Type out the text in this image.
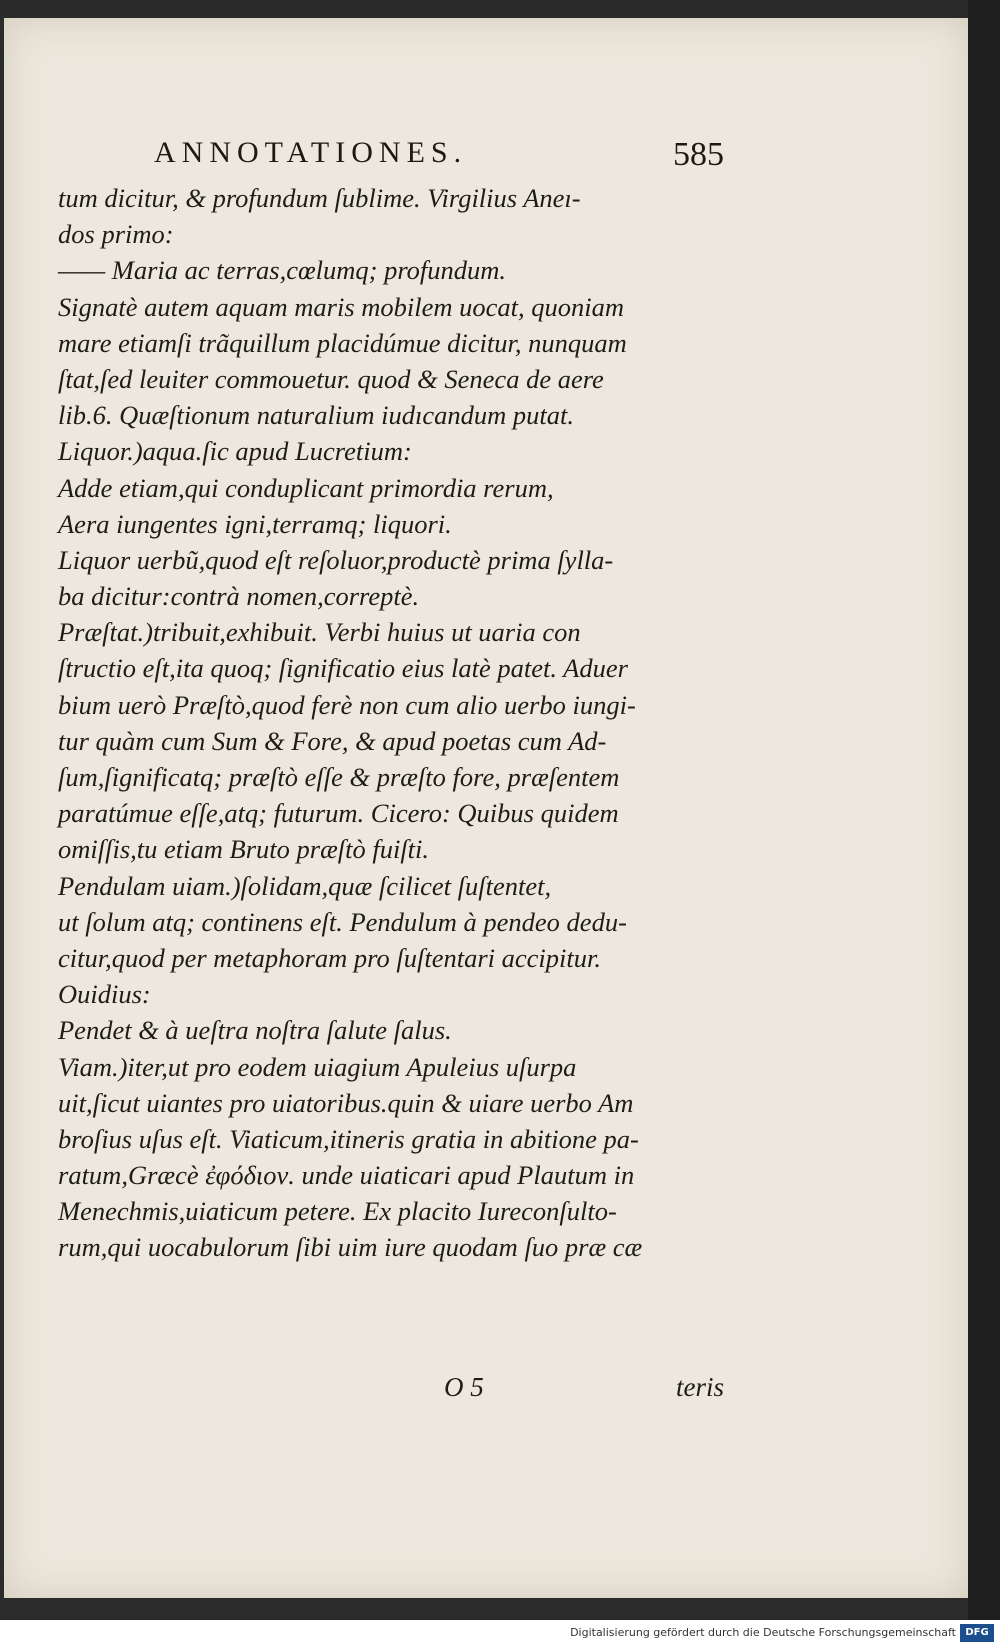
ANNOTATIONES.	585
tum dicitur, & profundum ſublime. Virgilius Aneı-
dos primo:
—— Maria ac terras,cœlumq; profundum.
Signatè autem aquam maris mobilem uocat, quoniam
mare etiamſi trãquillum placidúmue dicitur, nunquam
ſtat,ſed leuiter commouetur. quod & Seneca de aere
lib.6. Quæſtionum naturalium iudıcandum putat.
Liquor.)aqua.ſic apud Lucretium:
Adde etiam,qui conduplicant primordia rerum,
Aera iungentes igni,terramq; liquori.
Liquor uerbũ,quod eſt reſoluor,productè prima ſylla-
ba dicitur:contrà nomen,correptè.
Præſtat.)tribuit,exhibuit. Verbi huius ut uaria con
ſtructio eſt,ita quoq; ſignificatio eius latè patet. Aduer
bium uerò Præſtò,quod ferè non cum alio uerbo iungi-
tur quàm cum Sum & Fore, & apud poetas cum Ad-
ſum,ſignificatq; præſtò eſſe & præſto fore, præſentem
paratúmue eſſe,atq; futurum. Cicero: Quibus quidem
omiſſis,tu etiam Bruto præſtò fuiſti.
Pendulam uiam.)ſolidam,quæ ſcilicet ſuſtentet,
ut ſolum atq; continens eſt. Pendulum à pendeo dedu-
citur,quod per metaphoram pro ſuſtentari accipitur.
Ouidius:
Pendet & à ueſtra noſtra ſalute ſalus.
Viam.)iter,ut pro eodem uiagium Apuleius uſurpa
uit,ſicut uiantes pro uiatoribus.quin & uiare uerbo Am
broſius uſus eſt. Viaticum,itineris gratia in abitione pa-
ratum,Græcè ἐφόδιον. unde uiaticari apud Plautum in
Menechmis,uiaticum petere. Ex placito Iureconſulto-
rum,qui uocabulorum ſibi uim iure quodam ſuo præ cæ
O 5	teris
Digitalisierung gefördert durch die Deutsche Forschungsgemeinschaft DFG
